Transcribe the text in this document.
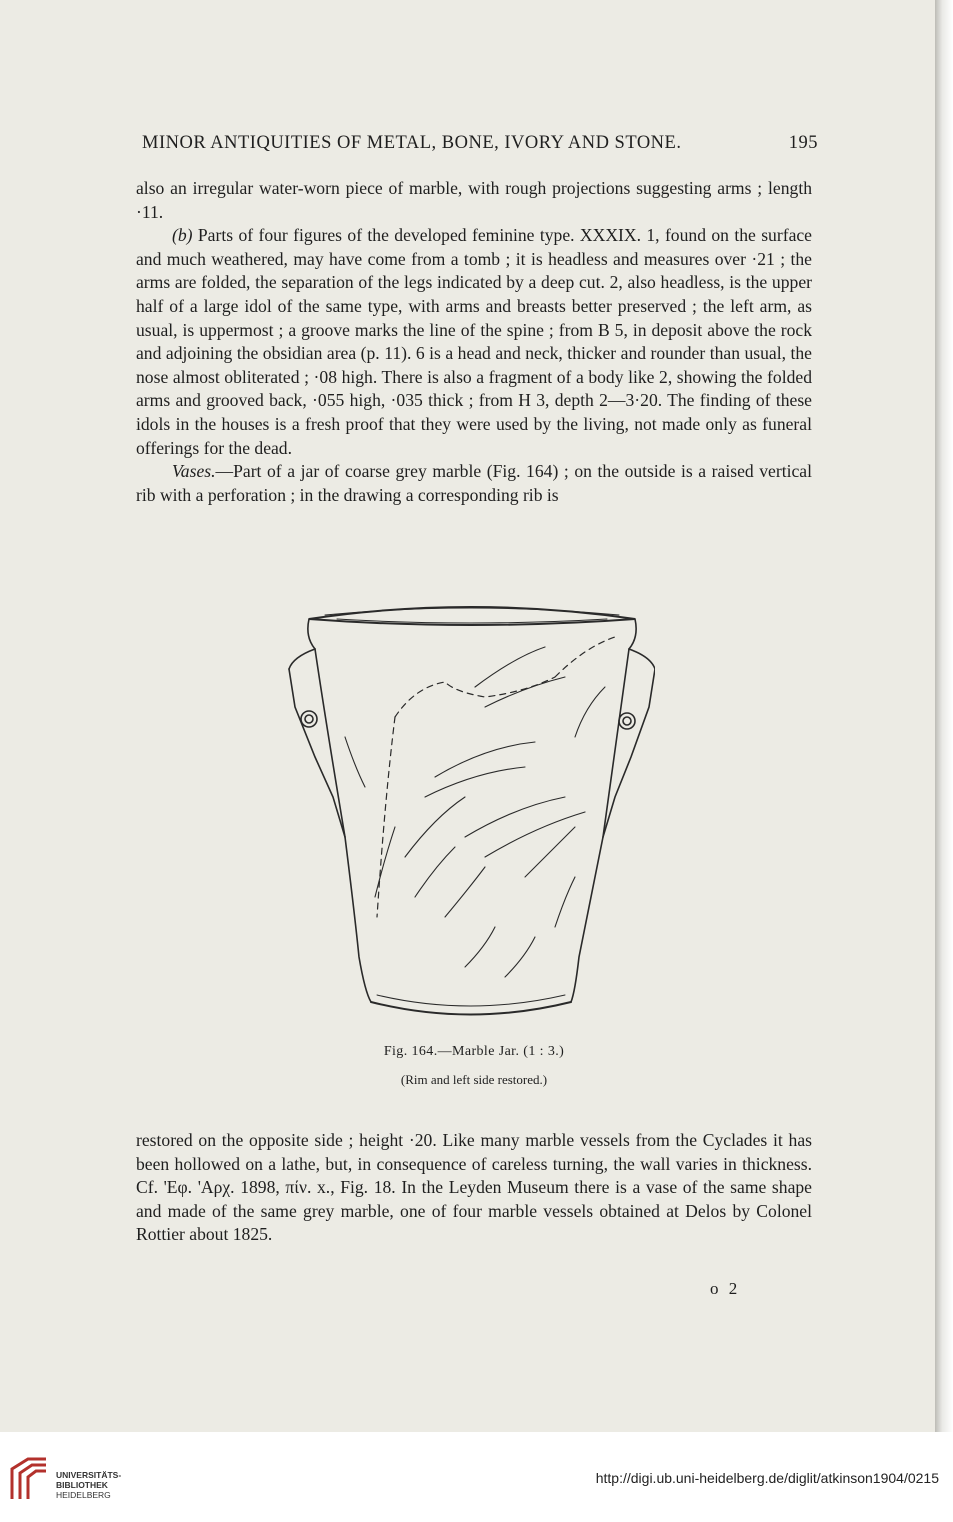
MINOR ANTIQUITIES OF METAL, BONE, IVORY AND STONE.	195

also an irregular water-worn piece of marble, with rough projections suggesting arms ; length ·11.

(b) Parts of four figures of the developed feminine type. XXXIX. 1, found on the surface and much weathered, may have come from a tomb ; it is headless and measures over ·21 ; the arms are folded, the separation of the legs indicated by a deep cut. 2, also headless, is the upper half of a large idol of the same type, with arms and breasts better preserved ; the left arm, as usual, is uppermost ; a groove marks the line of the spine ; from B 5, in deposit above the rock and adjoining the obsidian area (p. 11). 6 is a head and neck, thicker and rounder than usual, the nose almost obliterated ; ·08 high. There is also a fragment of a body like 2, showing the folded arms and grooved back, ·055 high, ·035 thick ; from H 3, depth 2—3·20. The finding of these idols in the houses is a fresh proof that they were used by the living, not made only as funeral offerings for the dead.

Vases.—Part of a jar of coarse grey marble (Fig. 164) ; on the outside is a raised vertical rib with a perforation ; in the drawing a corresponding rib is

Fig. 164.—Marble Jar. (1 : 3.)
(Rim and left side restored.)

restored on the opposite side ; height ·20. Like many marble vessels from the Cyclades it has been hollowed on a lathe, but, in consequence of careless turning, the wall varies in thickness. Cf. 'Εφ. 'Αρχ. 1898, πίν. x., Fig. 18. In the Leyden Museum there is a vase of the same shape and made of the same grey marble, one of four marble vessels obtained at Delos by Colonel Rottier about 1825.

o 2
UNIVERSITÄTS-
BIBLIOTHEK
HEIDELBERG
http://digi.ub.uni-heidelberg.de/diglit/atkinson1904/0215
